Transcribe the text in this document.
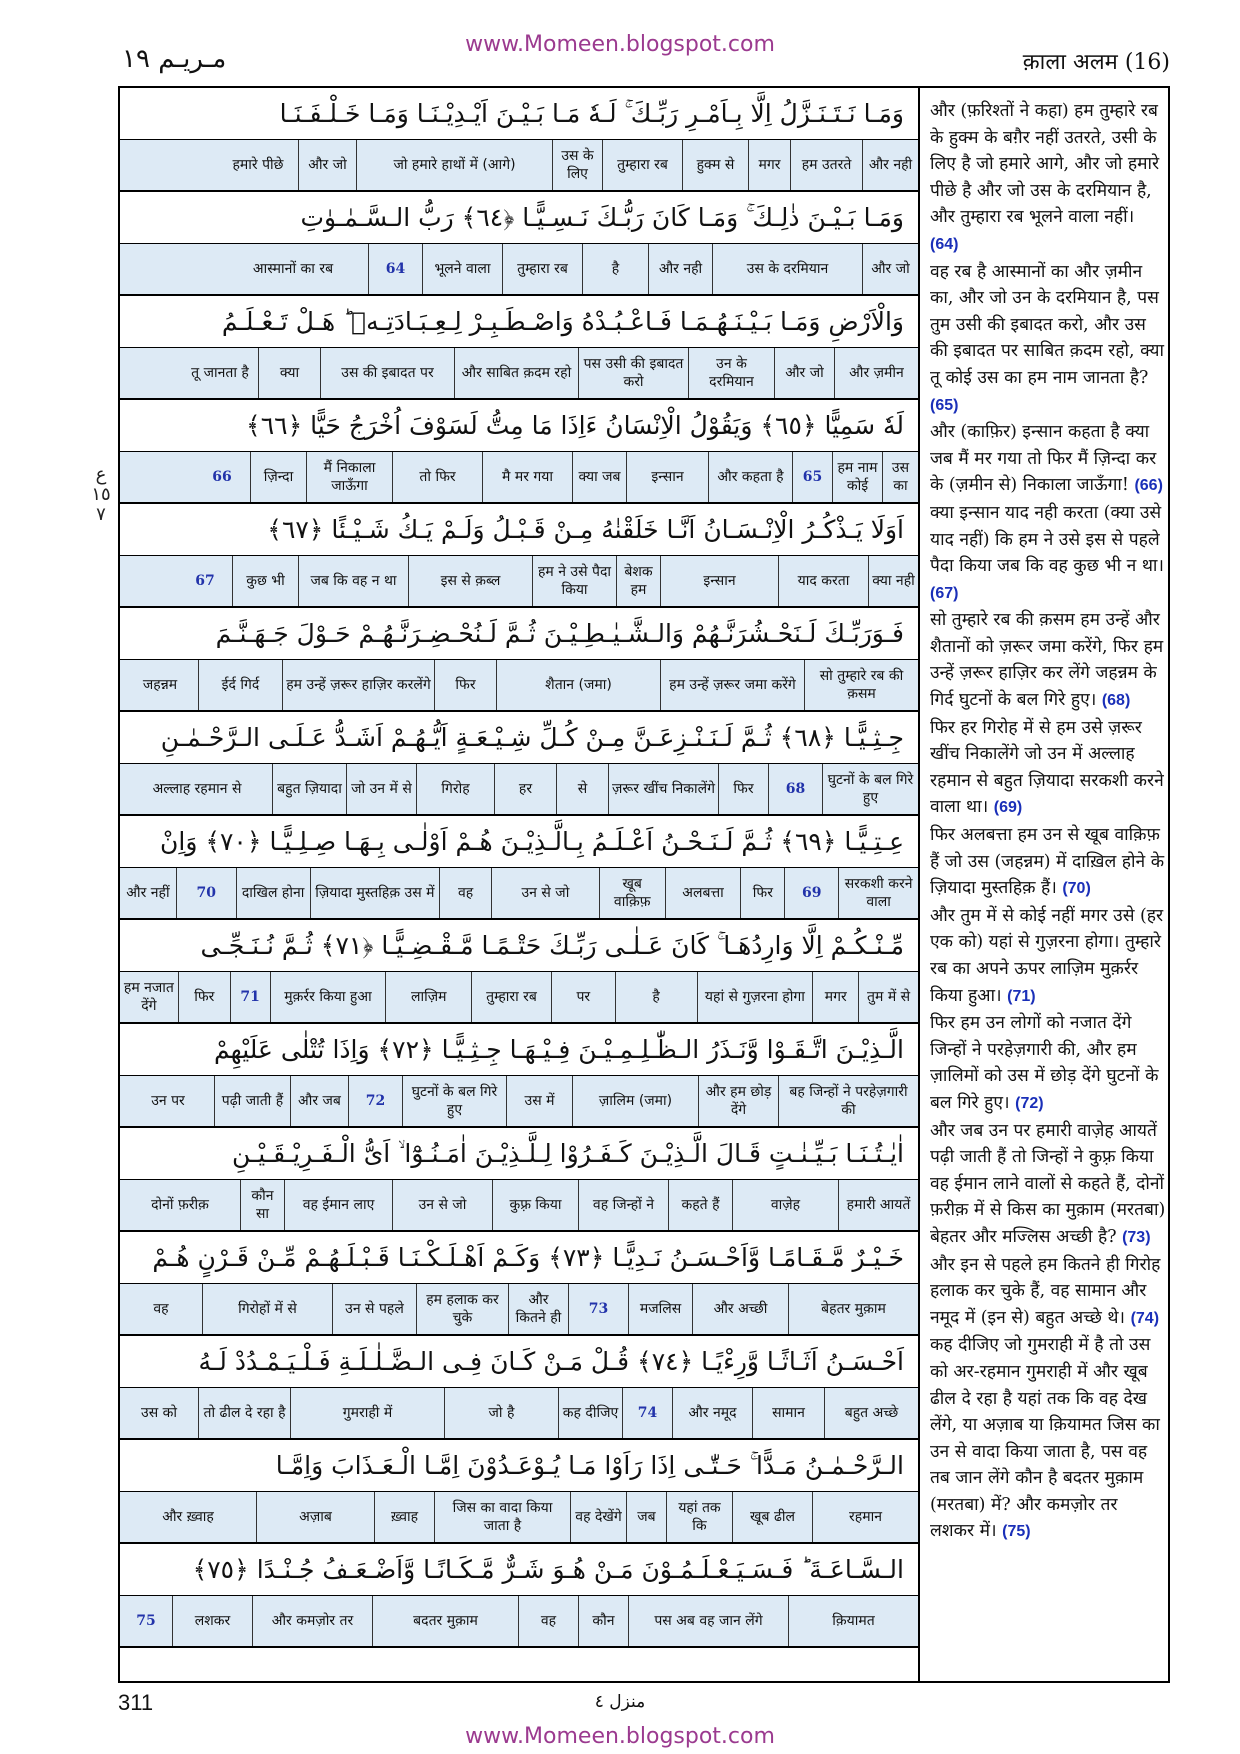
www.Momeen.blogspot.com
مـريـم ١٩	क़ाला अलम (16)
ع ١٥ ٧
وَمَـا نَـتَـنَـزَّلُ اِلَّا بِـاَمْـرِ رَبِّـكَ ۚ لَـهٗ مَـا بَـيْـنَ اَيْـدِيْـنَـا وَمَـا خَـلْـفَـنَـا
और नही
हम उतरते
मगर
हुक्म से
तुम्हारा रब
उस के लिए
जो हमारे हाथों में (आगे)
और जो
हमारे पीछे
وَمَـا بَـيْـنَ ذٰلِـكَ ۚ وَمَـا كَانَ رَبُّـكَ نَـسِـيًّـا ﴿٦٤﴾ رَبُّ الـسَّـمٰـوٰتِ
और जो
उस के दरमियान
और नही
है
तुम्हारा रब
भूलने वाला
64
आस्मानों का रब
وَالْاَرْضِ وَمَـا بَـيْـنَـهُـمَـا فَـاعْـبُـدْهُ وَاصْـطَـبِـرْ لِـعِـبَـادَتِـهٖ ؕ هَـلْ تَـعْـلَـمُ
और ज़मीन
और जो
उन के दरमियान
पस उसी की इबादत करो
और साबित क़दम रहो
उस की इबादत पर
क्या
तू जानता है
لَهٗ سَمِيًّا ﴿٦٥﴾ وَيَقُوْلُ الْاِنْسَانُ ءَاِذَا مَا مِتُّ لَسَوْفَ اُخْرَجُ حَيًّا ﴿٦٦﴾
उस का
हम नाम कोई
65
और कहता है
इन्सान
क्या जब
मै मर गया
तो फिर
मैं निकाला जाऊँगा
ज़िन्दा
66
اَوَلَا يَـذْكُـرُ الْاِنْـسَـانُ اَنَّـا خَلَقْنٰهُ مِـنْ قَـبْـلُ وَلَـمْ يَـكُ شَـيْـئًا ﴿٦٧﴾
क्या नही
याद करता
इन्सान
बेशक हम
हम ने उसे पैदा किया
इस से क़ब्ल
जब कि वह न था
कुछ भी
67
فَـوَرَبِّـكَ لَـنَحْـشُرَنَّـهُمْ وَالـشَّـيٰـطِـيْـنَ ثُـمَّ لَـنُحْـضِـرَنَّـهُـمْ حَـوْلَ جَـهَـنَّـمَ
सो तुम्हारे रब की क़सम
हम उन्हें ज़रूर जमा करेंगे
शैतान (जमा)
फिर
हम उन्हें ज़रूर हाज़िर करलेंगे
ईर्द गिर्द
जहन्नम
جِـثِـيًّـا ﴿٦٨﴾ ثُـمَّ لَـنَـنْـزِعَـنَّ مِـنْ كُـلِّ شِـيْـعَـةٍ اَيُّـهُـمْ اَشَـدُّ عَـلَـى الـرَّحْـمٰـنِ
घुटनों के बल गिरे हुए
68
फिर
ज़रूर खींच निकालेंगे
से
हर
गिरोह
जो उन में से
बहुत ज़ियादा
अल्लाह रहमान से
عِـتِـيًّـا ﴿٦٩﴾ ثُـمَّ لَـنَـحْـنُ اَعْـلَـمُ بِـالَّـذِيْـنَ هُـمْ اَوْلٰـى بِـهَـا صِـلِـيًّـا ﴿٧٠﴾ وَاِنْ
सरकशी करने वाला
69
फिर
अलबत्ता
खूब वाक़िफ़
उन से जो
वह
ज़ियादा मुस्तहिक़ उस में
दाखिल होना
70
और नहीं
مِّـنْـكُـمْ اِلَّا وَارِدُهَـا ۚ كَانَ عَـلٰـى رَبِّـكَ حَتْـمًـا مَّـقْـضِـيًّـا ﴿٧١﴾ ثُـمَّ نُـنَـجِّـى
तुम में से
मगर
यहां से गुज़रना होगा
है
पर
तुम्हारा रब
लाज़िम
मुक़र्रर किया हुआ
71
फिर
हम नजात देंगे
الَّـذِيْـنَ اتَّـقَـوْا وَّنَـذَرُ الـظّٰـلِـمِـيْـنَ فِـيْـهَـا جِـثِـيًّـا ﴿٧٢﴾ وَاِذَا تُتْلٰى عَلَيْهِمْ
बह जिन्हों ने परहेज़गारी की
और हम छोड़ देंगे
ज़ालिम (जमा)
उस में
घुटनों के बल गिरे हुए
72
और जब
पढ़ी जाती हैं
उन पर
اٰيٰـتُـنَـا بَـيِّـنٰـتٍ قَـالَ الَّـذِيْـنَ كَـفَـرُوْا لِـلَّـذِيْـنَ اٰمَـنُـوْٓا ۙ اَىُّ الْـفَـرِيْـقَـيْـنِ
हमारी आयतें
वाज़ेह
कहते हैं
वह जिन्हों ने
कुफ़्र किया
उन से जो
वह ईमान लाए
कौन सा
दोनों फ़रीक़
خَـيْـرٌ مَّـقَـامًـا وَّاَحْـسَـنُ نَـدِيًّـا ﴿٧٣﴾ وَكَـمْ اَهْـلَـكْـنَـا قَـبْـلَـهُـمْ مِّـنْ قَـرْنٍ هُـمْ
बेहतर मुक़ाम
और अच्छी
मजलिस
73
और कितने ही
हम हलाक कर चुके
उन से पहले
गिरोहों में से
वह
اَحْـسَـنُ اَثَـاثًـا وَّرِءْيًـا ﴿٧٤﴾ قُـلْ مَـنْ كَـانَ فِـى الـضَّـلٰـلَـةِ فَـلْـيَـمْـدُدْ لَـهُ
बहुत अच्छे
सामान
और नमूद
74
कह दीजिए
जो है
गुमराही में
तो ढील दे रहा है
उस को
الـرَّحْـمٰـنُ مَـدًّا ۚ حَـتّٰـى اِذَا رَاَوْا مَـا يُـوْعَـدُوْنَ اِمَّـا الْـعَـذَابَ وَاِمَّـا
रहमान
खूब ढील
यहां तक कि
जब
वह देखेंगे
जिस का वादा किया जाता है
ख़्वाह
अज़ाब
और ख़्वाह
الـسَّـاعَـةَ ؕ فَـسَـيَـعْـلَـمُـوْنَ مَـنْ هُـوَ شَـرٌّ مَّـكَـانًـا وَّاَضْـعَـفُ جُـنْـدًا ﴿٧٥﴾
क़ियामत
पस अब वह जान लेंगे
कौन
वह
बदतर मुक़ाम
और कमज़ोर तर
लशकर
75
और (फ़रिश्तों ने कहा) हम तुम्हारे रब के हुक्म के बग़ैर नहीं उतरते, उसी के लिए है जो हमारे आगे, और जो हमारे पीछे है और जो उस के दरमियान है, और तुम्हारा रब भूलने वाला नहीं। (64)
वह रब है आस्मानों का और ज़मीन का, और जो उन के दरमियान है, पस तुम उसी की इबादत करो, और उस की इबादत पर साबित क़दम रहो, क्या तू कोई उस का हम नाम जानता है? (65)
और (काफ़िर) इन्सान कहता है क्या जब मैं मर गया तो फिर मैं ज़िन्दा कर के (ज़मीन से) निकाला जाऊँगा! (66)
क्या इन्सान याद नही करता (क्या उसे याद नहीं) कि हम ने उसे इस से पहले पैदा किया जब कि वह कुछ भी न था। (67)
सो तुम्हारे रब की क़सम हम उन्हें और शैतानों को ज़रूर जमा करेंगे, फिर हम उन्हें ज़रूर हाज़िर कर लेंगे जहन्नम के गिर्द घुटनों के बल गिरे हुए। (68)
फिर हर गिरोह में से हम उसे ज़रूर खींच निकालेंगे जो उन में अल्लाह रहमान से बहुत ज़ियादा सरकशी करने वाला था। (69)
फिर अलबत्ता हम उन से खूब वाक़िफ़ हैं जो उस (जहन्नम) में दाख़िल होने के ज़ियादा मुस्तहिक़ हैं। (70)
और तुम में से कोई नहीं मगर उसे (हर एक को) यहां से गुज़रना होगा। तुम्हारे रब का अपने ऊपर लाज़िम मुक़र्रर किया हुआ। (71)
फिर हम उन लोगों को नजात देंगे जिन्हों ने परहेज़गारी की, और हम ज़ालिमों को उस में छोड़ देंगे घुटनों के बल गिरे हुए। (72)
और जब उन पर हमारी वाज़ेह आयतें पढ़ी जाती हैं तो जिन्हों ने कुफ़्र किया वह ईमान लाने वालों से कहते हैं, दोनों फ़रीक़ में से किस का मुक़ाम (मरतबा) बेहतर और मज्लिस अच्छी है? (73)
और इन से पहले हम कितने ही गिरोह हलाक कर चुके हैं, वह सामान और नमूद में (इन से) बहुत अच्छे थे। (74)
कह दीजिए जो गुमराही में है तो उस को अर-रहमान गुमराही में और खूब ढील दे रहा है यहां तक कि वह देख लेंगे, या अज़ाब या क़ियामत जिस का उन से वादा किया जाता है, पस वह तब जान लेंगे कौन है बदतर मुक़ाम (मरतबा) में? और कमज़ोर तर लशकर में। (75)

311	منزل ٤
www.Momeen.blogspot.com
